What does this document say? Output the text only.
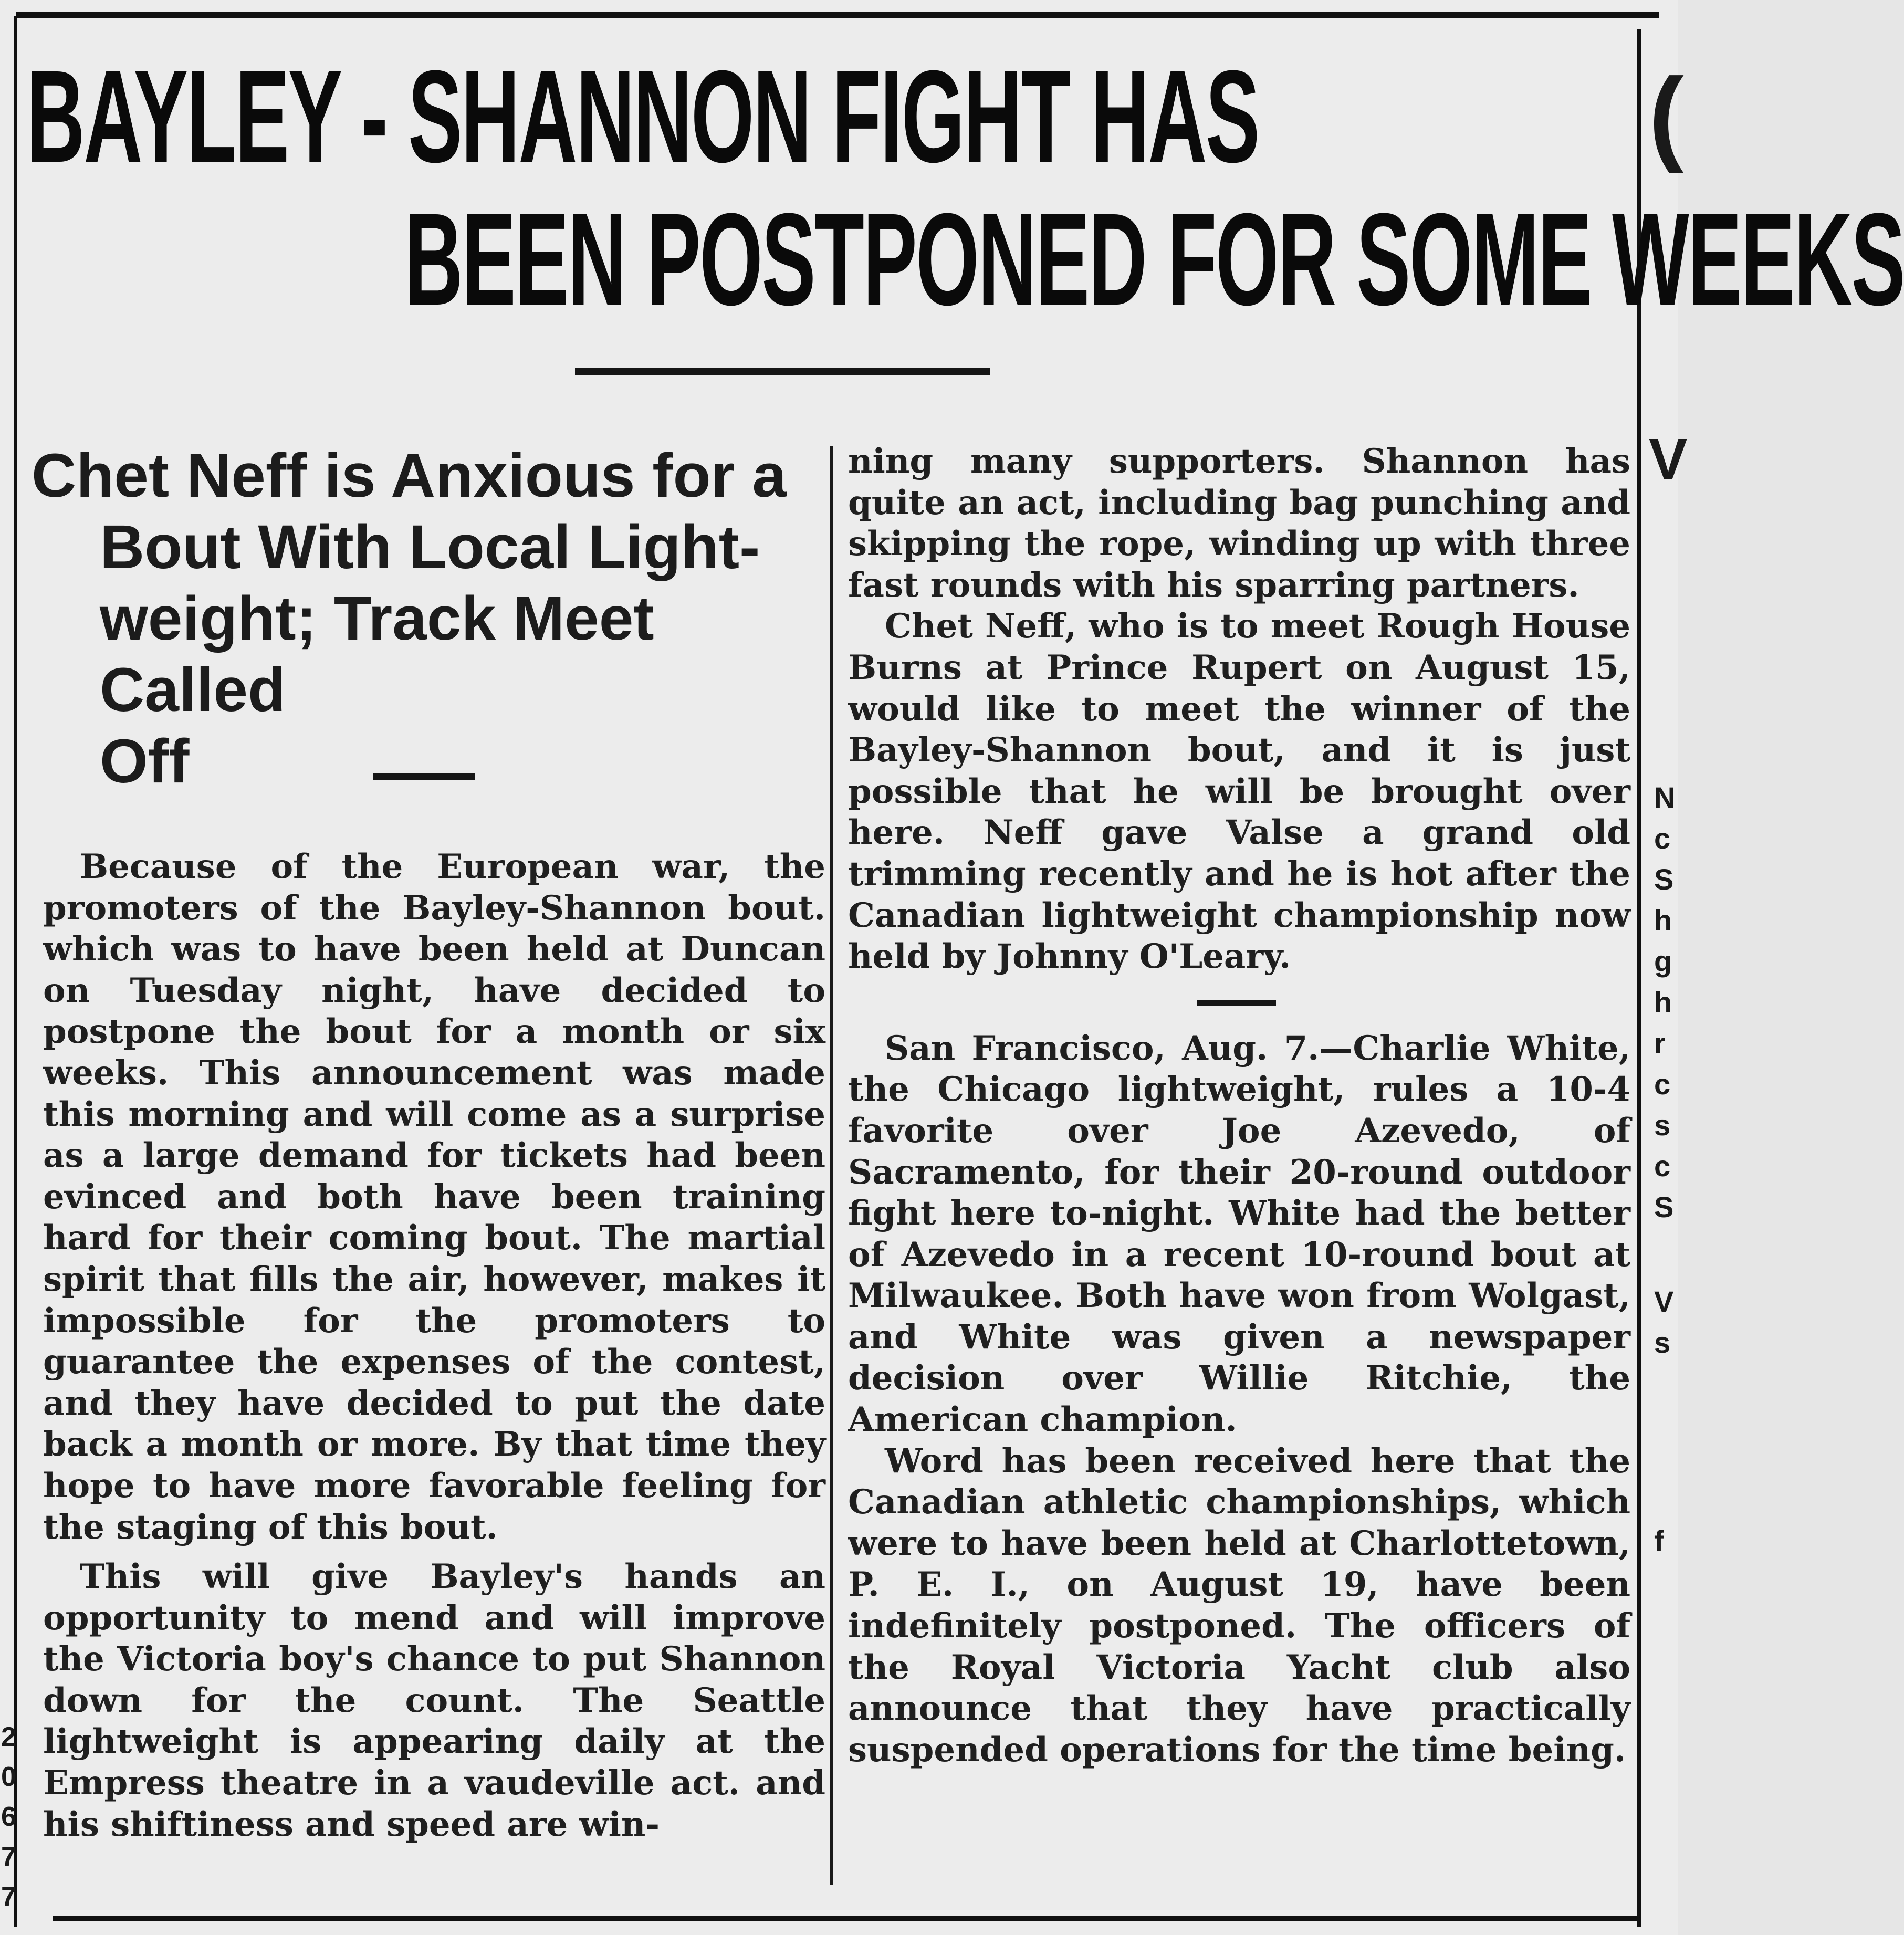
BAYLEY - SHANNON FIGHT HAS
BEEN POSTPONED FOR SOME WEEKS
Chet Neff is Anxious for a
Bout With Local Light-
weight; Track Meet Called
Off

Because of the European war, the promoters of the Bayley-Shannon bout. which was to have been held at Duncan on Tuesday night, have decided to postpone the bout for a month or six weeks. This announcement was made this morning and will come as a surprise as a large demand for tickets had been evinced and both have been training hard for their coming bout. The martial spirit that fills the air, however, makes it impossible for the promoters to guarantee the expenses of the contest, and they have decided to put the date back a month or more. By that time they hope to have more favorable feeling for the staging of this bout.

This will give Bayley's hands an opportunity to mend and will improve the Victoria boy's chance to put Shannon down for the count. The Seattle lightweight is appearing daily at the Empress theatre in a vaudeville act. and his shiftiness and speed are win-

ning many supporters. Shannon has quite an act, including bag punching and skipping the rope, winding up with three fast rounds with his sparring partners.

Chet Neff, who is to meet Rough House Burns at Prince Rupert on August 15, would like to meet the winner of the Bayley-Shannon bout, and it is just possible that he will be brought over here. Neff gave Valse a grand old trimming recently and he is hot after the Canadian lightweight championship now held by Johnny O'Leary.

San Francisco, Aug. 7.—Charlie White, the Chicago lightweight, rules a 10-4 favorite over Joe Azevedo, of Sacramento, for their 20-round outdoor fight here to-night. White had the better of Azevedo in a recent 10-round bout at Milwaukee. Both have won from Wolgast, and White was given a newspaper decision over Willie Ritchie, the American champion.

Word has been received here that the Canadian athletic championships, which were to have been held at Charlottetown, P. E. I., on August 19, have been indefinitely postponed. The officers of the Royal Victoria Yacht club also announce that they have practically suspended operations for the time being.

(
V
N
c
S
h
g
h
r
c
s
c
S
V
s
f
2
0
6
7
7
